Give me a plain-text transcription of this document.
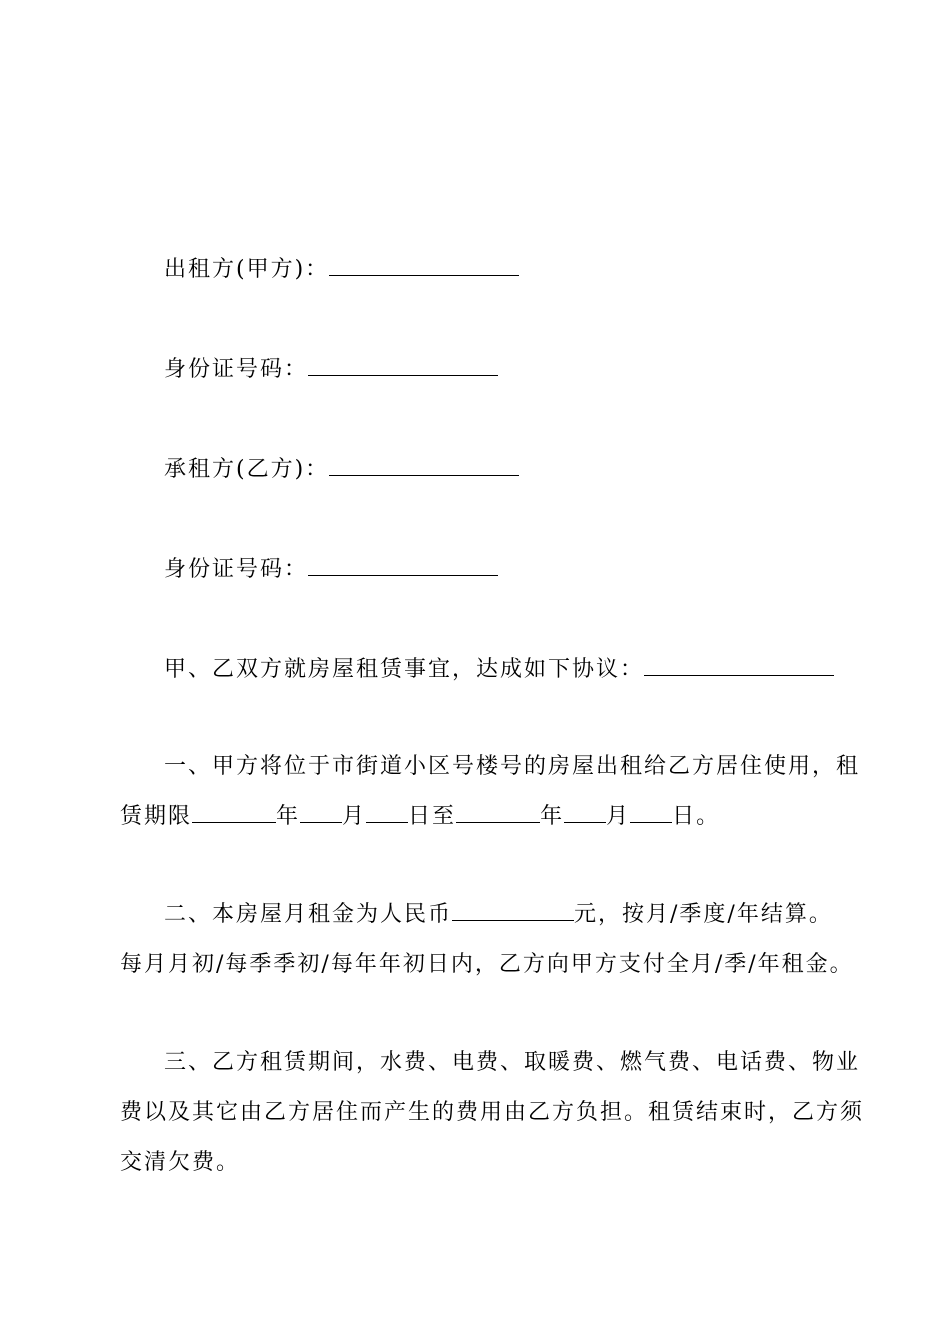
出租方(甲方)：
身份证号码：
承租方(乙方)：
身份证号码：
甲、乙双方就房屋租赁事宜，达成如下协议：
一、甲方将位于市街道小区号楼号的房屋出租给乙方居住使用，租
赁期限	年 月 日至	年 月 日。
二、本房屋月租金为人民币	元，按月/季度/年结算。
每月月初/每季季初/每年年初日内，乙方向甲方支付全月/季/年租金。
三、乙方租赁期间，水费、电费、取暖费、燃气费、电话费、物业
费以及其它由乙方居住而产生的费用由乙方负担。租赁结束时，乙方须
交清欠费。
